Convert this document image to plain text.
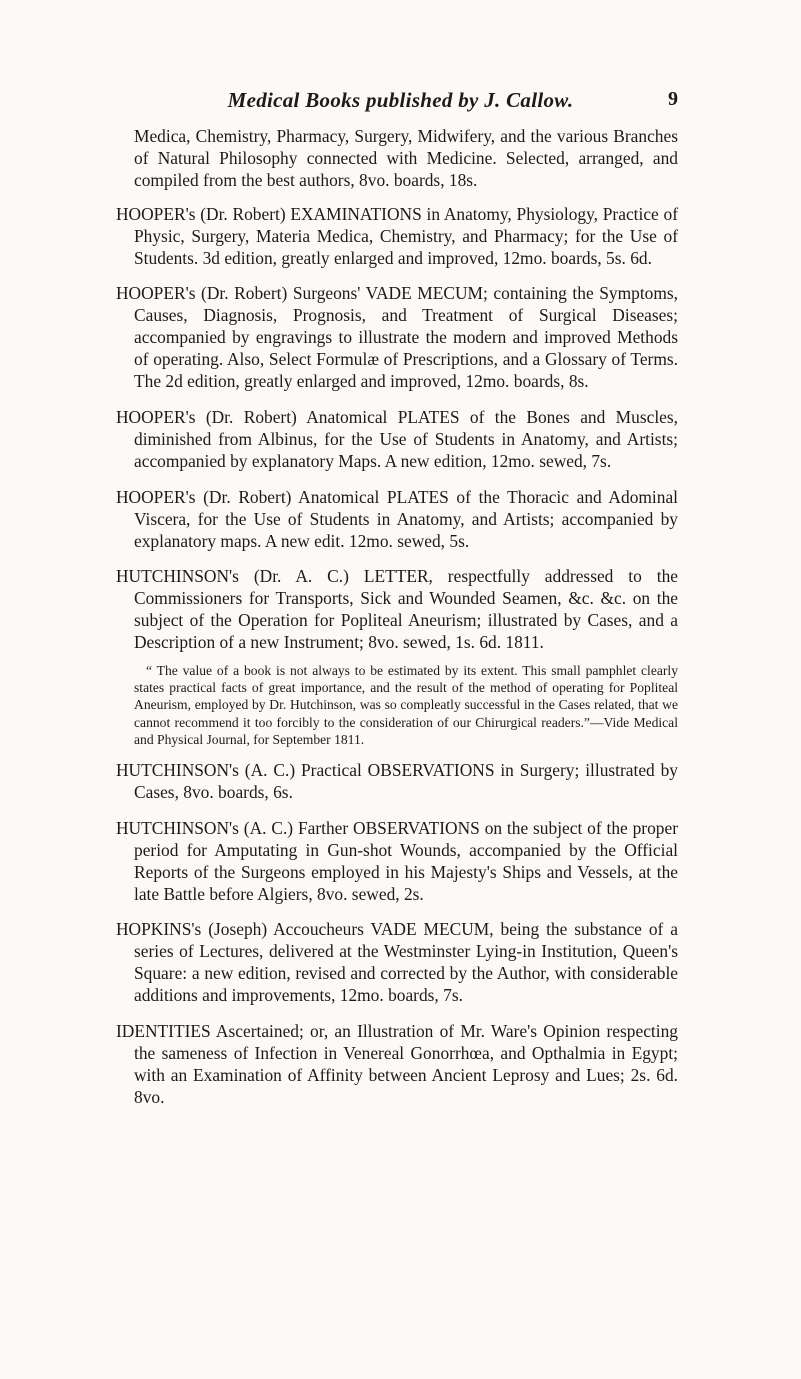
Medical Books published by J. Callow.	9

Medica, Chemistry, Pharmacy, Surgery, Midwifery, and the various Branches of Natural Philosophy connected with Medicine. Selected, arranged, and compiled from the best authors, 8vo. boards, 18s.

HOOPER's (Dr. Robert) EXAMINATIONS in Anatomy, Physiology, Practice of Physic, Surgery, Materia Medica, Chemistry, and Pharmacy; for the Use of Students. 3d edition, greatly enlarged and improved, 12mo. boards, 5s. 6d.

HOOPER's (Dr. Robert) Surgeons' VADE MECUM; containing the Symptoms, Causes, Diagnosis, Prognosis, and Treatment of Surgical Diseases; accompanied by engravings to illustrate the modern and improved Methods of operating. Also, Select Formulæ of Prescriptions, and a Glossary of Terms. The 2d edition, greatly enlarged and improved, 12mo. boards, 8s.

HOOPER's (Dr. Robert) Anatomical PLATES of the Bones and Muscles, diminished from Albinus, for the Use of Students in Anatomy, and Artists; accompanied by explanatory Maps. A new edition, 12mo. sewed, 7s.

HOOPER's (Dr. Robert) Anatomical PLATES of the Thoracic and Adominal Viscera, for the Use of Students in Anatomy, and Artists; accompanied by explanatory maps. A new edit. 12mo. sewed, 5s.

HUTCHINSON's (Dr. A. C.) LETTER, respectfully addressed to the Commissioners for Transports, Sick and Wounded Seamen, &c. &c. on the subject of the Operation for Popliteal Aneurism; illustrated by Cases, and a Description of a new Instrument; 8vo. sewed, 1s. 6d. 1811.

“ The value of a book is not always to be estimated by its extent. This small pamphlet clearly states practical facts of great importance, and the result of the method of operating for Popliteal Aneurism, employed by Dr. Hutchinson, was so compleatly successful in the Cases related, that we cannot recommend it too forcibly to the consideration of our Chirurgical readers.”—Vide Medical and Physical Journal, for September 1811.

HUTCHINSON's (A. C.) Practical OBSERVATIONS in Surgery; illustrated by Cases, 8vo. boards, 6s.

HUTCHINSON's (A. C.) Farther OBSERVATIONS on the subject of the proper period for Amputating in Gun-shot Wounds, accompanied by the Official Reports of the Surgeons employed in his Majesty's Ships and Vessels, at the late Battle before Algiers, 8vo. sewed, 2s.

HOPKINS's (Joseph) Accoucheurs VADE MECUM, being the substance of a series of Lectures, delivered at the Westminster Lying-in Institution, Queen's Square: a new edition, revised and corrected by the Author, with considerable additions and improvements, 12mo. boards, 7s.

IDENTITIES Ascertained; or, an Illustration of Mr. Ware's Opinion respecting the sameness of Infection in Venereal Gonorrhœa, and Opthalmia in Egypt; with an Examination of Affinity between Ancient Leprosy and Lues; 2s. 6d. 8vo.
